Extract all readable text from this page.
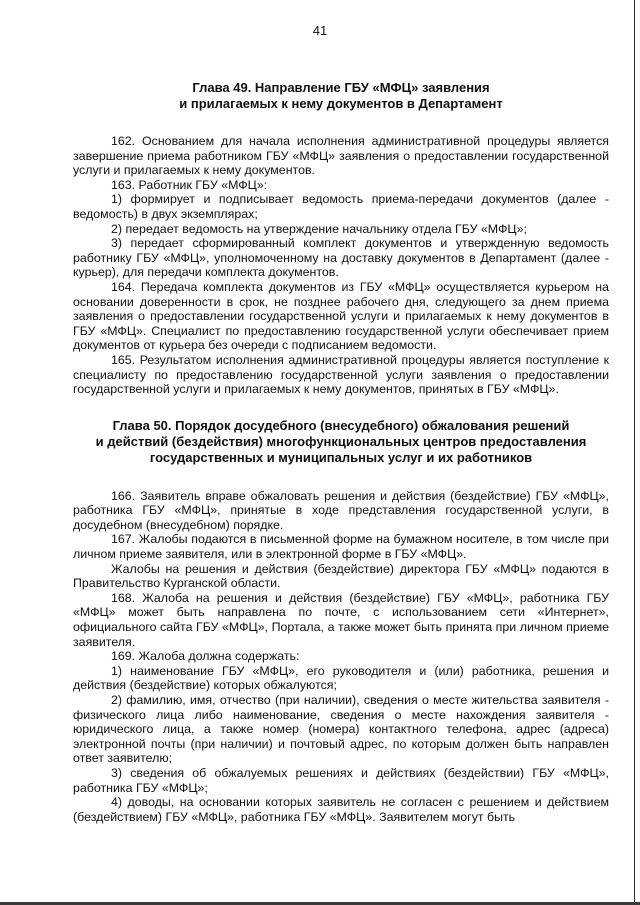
41
Глава 49. Направление ГБУ «МФЦ» заявления
и прилагаемых к нему документов в Департамент

162. Основанием для начала исполнения административной процедуры является завершение приема работником ГБУ «МФЦ» заявления о предоставлении государственной услуги и прилагаемых к нему документов.

163. Работник ГБУ «МФЦ»:

1) формирует и подписывает ведомость приема-передачи документов (далее - ведомость) в двух экземплярах;

2) передает ведомость на утверждение начальнику отдела ГБУ «МФЦ»;

3) передает сформированный комплект документов и утвержденную ведомость работнику ГБУ «МФЦ», уполномоченному на доставку документов в Департамент (далее - курьер), для передачи комплекта документов.

164. Передача комплекта документов из ГБУ «МФЦ» осуществляется курьером на основании доверенности в срок, не позднее рабочего дня, следующего за днем приема заявления о предоставлении государственной услуги и прилагаемых к нему документов в ГБУ «МФЦ». Специалист по предоставлению государственной услуги обеспечивает прием документов от курьера без очереди с подписанием ведомости.

165. Результатом исполнения административной процедуры является поступление к специалисту по предоставлению государственной услуги заявления о предоставлении государственной услуги и прилагаемых к нему документов, принятых в ГБУ «МФЦ».

Глава 50. Порядок досудебного (внесудебного) обжалования решений
и действий (бездействия) многофункциональных центров предоставления
государственных и муниципальных услуг и их работников

166. Заявитель вправе обжаловать решения и действия (бездействие) ГБУ «МФЦ», работника ГБУ «МФЦ», принятые в ходе представления государственной услуги, в досудебном (внесудебном) порядке.

167. Жалобы подаются в письменной форме на бумажном носителе, в том числе при личном приеме заявителя, или в электронной форме в ГБУ «МФЦ».

Жалобы на решения и действия (бездействие) директора ГБУ «МФЦ» подаются в Правительство Курганской области.

168. Жалоба на решения и действия (бездействие) ГБУ «МФЦ», работника ГБУ «МФЦ» может быть направлена по почте, с использованием сети «Интернет», официального сайта ГБУ «МФЦ», Портала, а также может быть принята при личном приеме заявителя.

169. Жалоба должна содержать:

1) наименование ГБУ «МФЦ», его руководителя и (или) работника, решения и действия (бездействие) которых обжалуются;

2) фамилию, имя, отчество (при наличии), сведения о месте жительства заявителя - физического лица либо наименование, сведения о месте нахождения заявителя - юридического лица, а также номер (номера) контактного телефона, адрес (адреса) электронной почты (при наличии) и почтовый адрес, по которым должен быть направлен ответ заявителю;

3) сведения об обжалуемых решениях и действиях (бездействии) ГБУ «МФЦ», работника ГБУ «МФЦ»;

4) доводы, на основании которых заявитель не согласен с решением и действием (бездействием) ГБУ «МФЦ», работника ГБУ «МФЦ». Заявителем могут быть
